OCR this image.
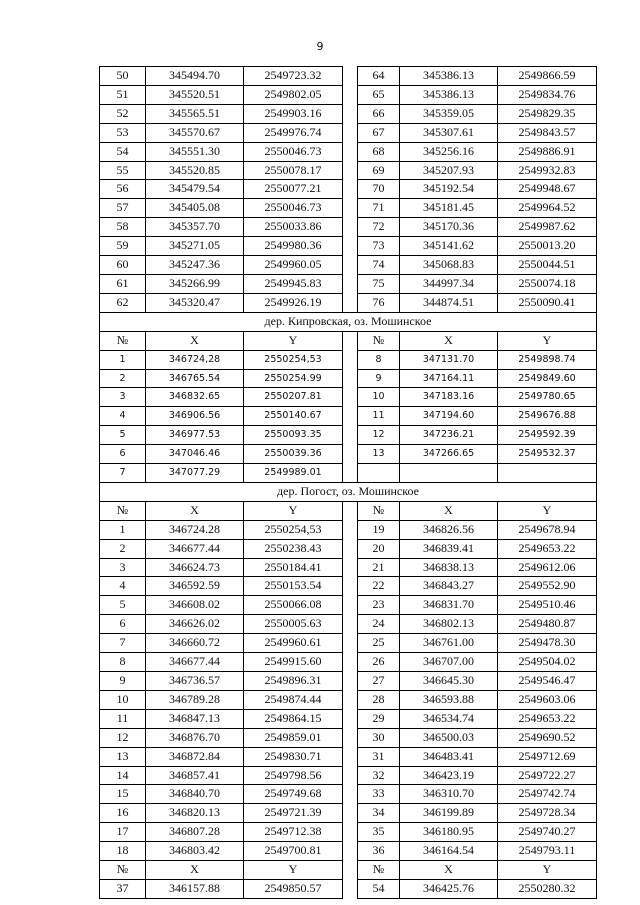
9
50	345494.70	2549723.32		64	345386.13	2549866.59
51	345520.51	2549802.05		65	345386.13	2549834.76
52	345565.51	2549903.16		66	345359.05	2549829.35
53	345570.67	2549976.74		67	345307.61	2549843.57
54	345551.30	2550046.73		68	345256.16	2549886.91
55	345520.85	2550078.17		69	345207.93	2549932.83
56	345479.54	2550077.21		70	345192.54	2549948.67
57	345405.08	2550046.73		71	345181.45	2549964.52
58	345357.70	2550033.86		72	345170.36	2549987.62
59	345271.05	2549980.36		73	345141.62	2550013.20
60	345247.36	2549960.05		74	345068.83	2550044.51
61	345266.99	2549945.83		75	344997.34	2550074.18
62	345320.47	2549926.19		76	344874.51	2550090.41
дер. Кипровская, оз. Мошинское						
№	X	Y		№	X	Y
1	346724,28	2550254,53		8	347131.70	2549898.74
2	346765.54	2550254.99		9	347164.11	2549849.60
3	346832.65	2550207.81		10	347183.16	2549780.65
4	346906.56	2550140.67		11	347194.60	2549676.88
5	346977.53	2550093.35		12	347236.21	2549592.39
6	347046.46	2550039.36		13	347266.65	2549532.37
7	347077.29	2549989.01				
дер. Погост, оз. Мошинское						
№	X	Y		№	X	Y
1	346724.28	2550254,53		19	346826.56	2549678.94
2	346677.44	2550238.43		20	346839.41	2549653.22
3	346624.73	2550184.41		21	346838.13	2549612.06
4	346592.59	2550153.54		22	346843.27	2549552.90
5	346608.02	2550066.08		23	346831.70	2549510.46
6	346626.02	2550005.63		24	346802.13	2549480.87
7	346660.72	2549960.61		25	346761.00	2549478.30
8	346677.44	2549915.60		26	346707.00	2549504.02
9	346736.57	2549896.31		27	346645.30	2549546.47
10	346789.28	2549874.44		28	346593.88	2549603.06
11	346847.13	2549864.15		29	346534.74	2549653.22
12	346876.70	2549859.01		30	346500.03	2549690.52
13	346872.84	2549830.71		31	346483.41	2549712.69
14	346857.41	2549798.56		32	346423.19	2549722.27
15	346840.70	2549749.68		33	346310.70	2549742.74
16	346820.13	2549721.39		34	346199.89	2549728.34
17	346807.28	2549712.38		35	346180.95	2549740.27
18	346803.42	2549700.81		36	346164.54	2549793.11
№	X	Y		№	X	Y
37	346157.88	2549850.57		54	346425.76	2550280.32
